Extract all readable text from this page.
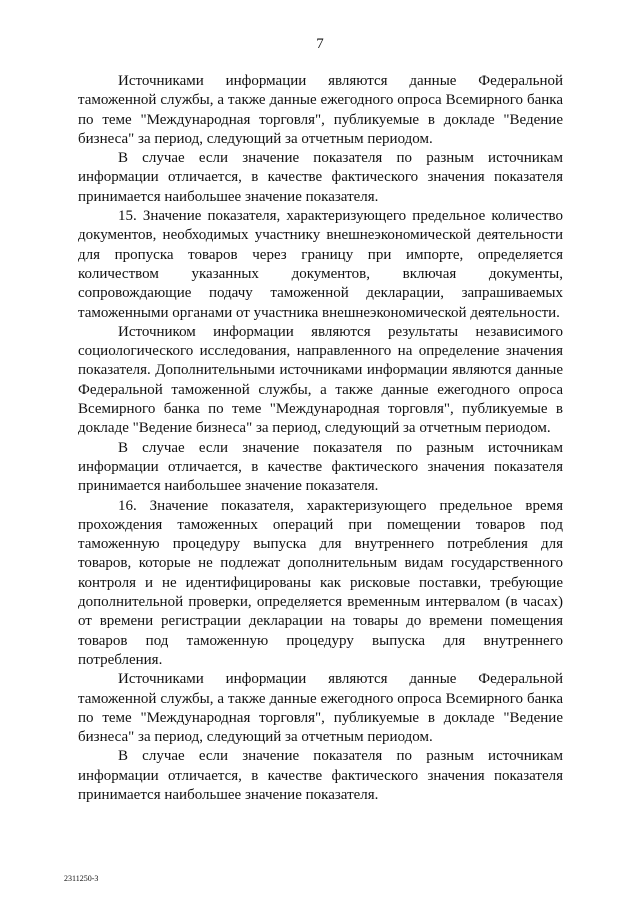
7

Источниками информации являются данные Федеральной таможенной службы, а также данные ежегодного опроса Всемирного банка по теме "Международная торговля", публикуемые в докладе "Ведение бизнеса" за период, следующий за отчетным периодом.

В случае если значение показателя по разным источникам информации отличается, в качестве фактического значения показателя принимается наибольшее значение показателя.

15. Значение показателя, характеризующего предельное количество документов, необходимых участнику внешнеэкономической деятельности для пропуска товаров через границу при импорте, определяется количеством указанных документов, включая документы, сопровождающие подачу таможенной декларации, запрашиваемых таможенными органами от участника внешнеэкономической деятельности.

Источником информации являются результаты независимого социологического исследования, направленного на определение значения показателя. Дополнительными источниками информации являются данные Федеральной таможенной службы, а также данные ежегодного опроса Всемирного банка по теме "Международная торговля", публикуемые в докладе "Ведение бизнеса" за период, следующий за отчетным периодом.

В случае если значение показателя по разным источникам информации отличается, в качестве фактического значения показателя принимается наибольшее значение показателя.

16. Значение показателя, характеризующего предельное время прохождения таможенных операций при помещении товаров под таможенную процедуру выпуска для внутреннего потребления для товаров, которые не подлежат дополнительным видам государственного контроля и не идентифицированы как рисковые поставки, требующие дополнительной проверки, определяется временным интервалом (в часах) от времени регистрации декларации на товары до времени помещения товаров под таможенную процедуру выпуска для внутреннего потребления.

Источниками информации являются данные Федеральной таможенной службы, а также данные ежегодного опроса Всемирного банка по теме "Международная торговля", публикуемые в докладе "Ведение бизнеса" за период, следующий за отчетным периодом.

В случае если значение показателя по разным источникам информации отличается, в качестве фактического значения показателя принимается наибольшее значение показателя.

2311250-3
